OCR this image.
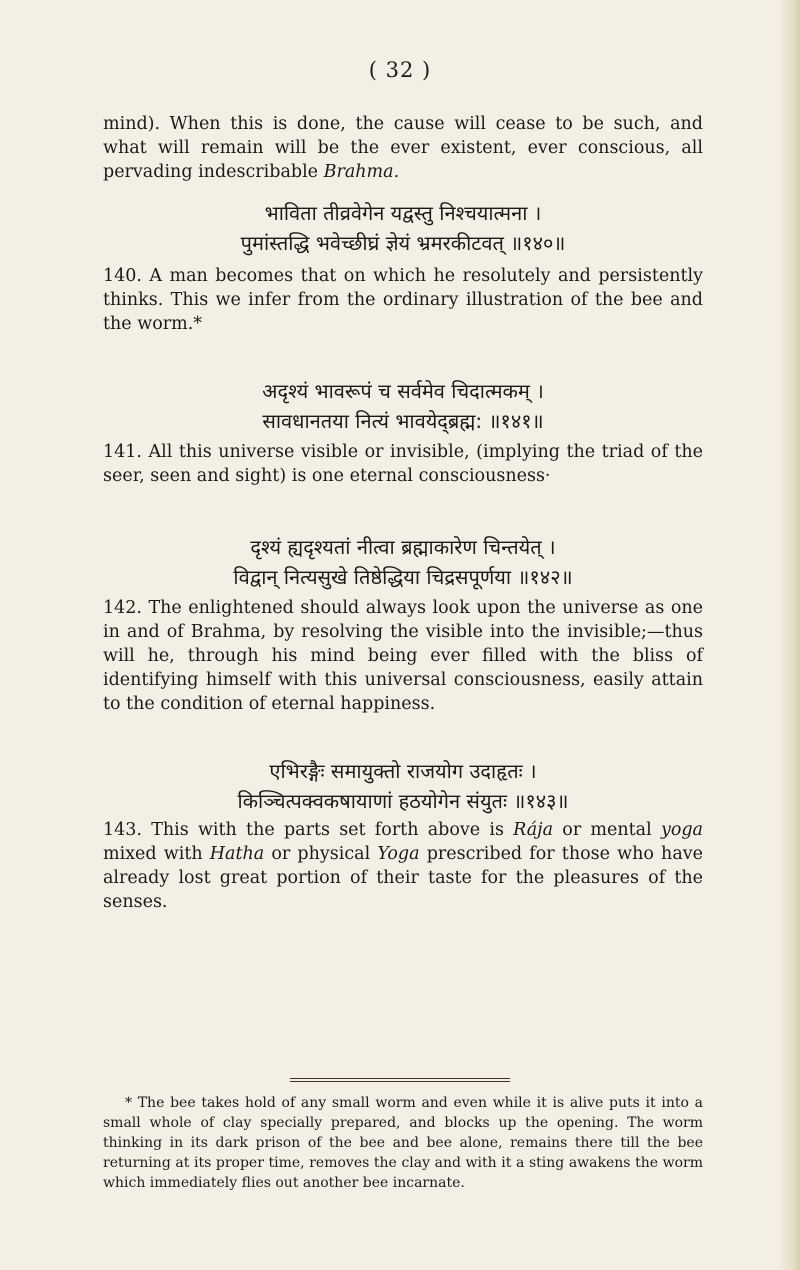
( 32 )

mind). When this is done, the cause will cease to be such, and what will remain will be the ever existent, ever conscious, all pervading indescribable Brahma.

भाविता तीव्रवेगेन यद्वस्तु निश्चयात्मना ।
पुमांस्तद्धि भवेच्छीघ्रं ज्ञेयं भ्रमरकीटवत् ॥१४०॥

140. A man becomes that on which he resolutely and persistently thinks. This we infer from the ordinary illustration of the bee and the worm.*

अदृश्यं भावरूपं च सर्वमेव चिदात्मकम् ।
सावधानतया नित्यं भावयेद्ब्रह्म: ॥१४१॥

141. All this universe visible or invisible, (implying the triad of the seer, seen and sight) is one eternal consciousness·

दृश्यं ह्यदृश्यतां नीत्वा ब्रह्माकारेण चिन्तयेत् ।
विद्वान् नित्यसुखे तिष्ठेद्धिया चिद्रसपूर्णया ॥१४२॥

142. The enlightened should always look upon the universe as one in and of Brahma, by resolving the visible into the invisible;—thus will he, through his mind being ever filled with the bliss of identifying himself with this universal consciousness, easily attain to the condition of eternal happiness.

एभिरङ्गैः समायुक्तो राजयोग उदाहृतः ।
किञ्चित्पक्वकषायाणां हठयोगेन संयुतः ॥१४३॥

143. This with the parts set forth above is Rája or mental yoga mixed with Hatha or physical Yoga prescribed for those who have already lost great portion of their taste for the pleasures of the senses.

* The bee takes hold of any small worm and even while it is alive puts it into a small whole of clay specially prepared, and blocks up the opening. The worm thinking in its dark prison of the bee and bee alone, remains there till the bee returning at its proper time, removes the clay and with it a sting awakens the worm which immediately flies out another bee incarnate.
